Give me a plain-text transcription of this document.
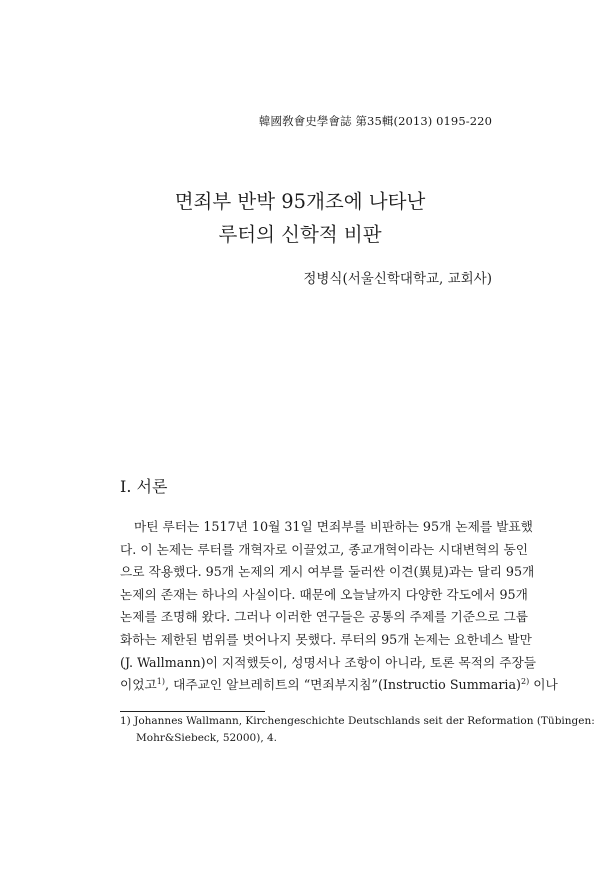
韓國敎會史學會誌 第35輯(2013) 0195-220
면죄부 반박 95개조에 나타난
루터의 신학적 비판
정병식(서울신학대학교, 교회사)
I. 서론
마틴 루터는 1517년 10월 31일 면죄부를 비판하는 95개 논제를 발표했
다. 이 논제는 루터를 개혁자로 이끌었고, 종교개혁이라는 시대변혁의 동인
으로 작용했다. 95개 논제의 게시 여부를 둘러싼 이견(異見)과는 달리 95개
논제의 존재는 하나의 사실이다. 때문에 오늘날까지 다양한 각도에서 95개
논제를 조명해 왔다. 그러나 이러한 연구들은 공통의 주제를 기준으로 그룹
화하는 제한된 범위를 벗어나지 못했다. 루터의 95개 논제는 요한네스 발만
(J. Wallmann)이 지적했듯이, 성명서나 조항이 아니라, 토론 목적의 주장들
이었고$^{1)}$, 대주교인 알브레히트의 “면죄부지침”(Instructio Summaria)$^{2)}$ 이나
1) Johannes Wallmann, Kirchengeschichte Deutschlands seit der Reformation (Tübingen:
Mohr&Siebeck, 52000), 4.
